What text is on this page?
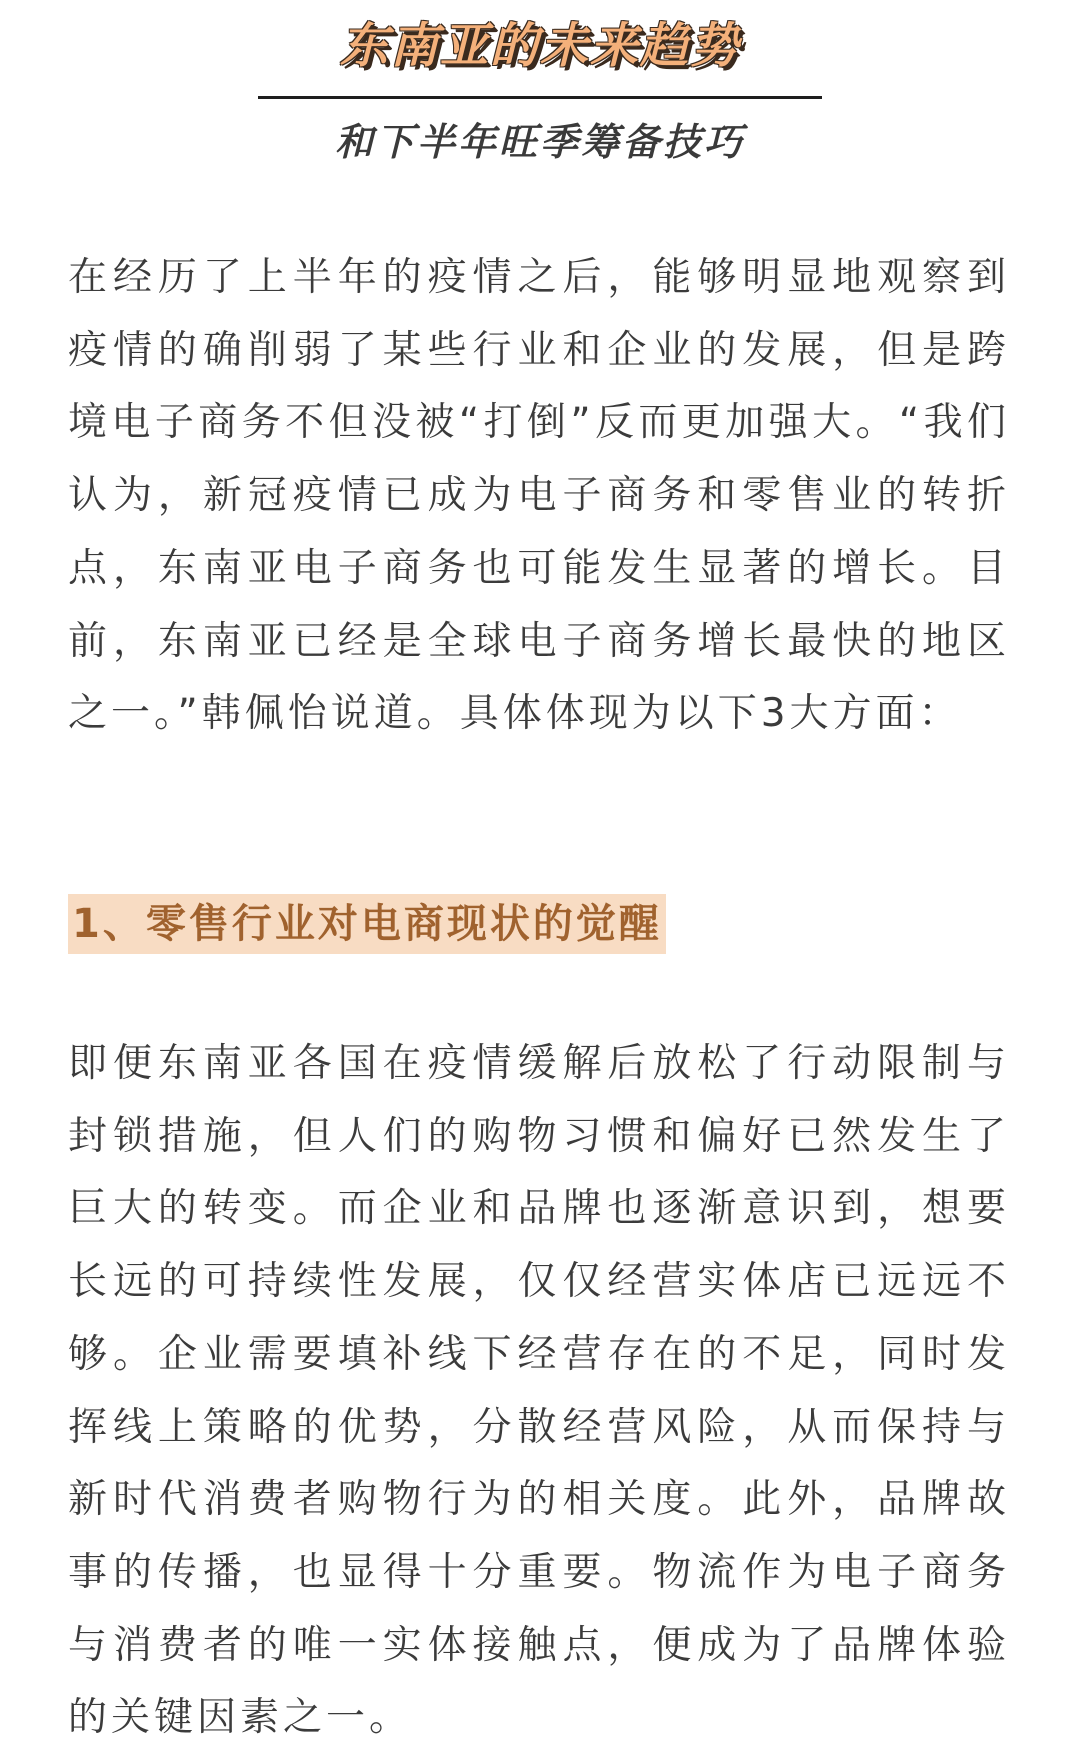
东南亚的未来趋势
和下半年旺季筹备技巧

在经历了上半年的疫情之后，能够明显地观察到疫情的确削弱了某些行业和企业的发展，但是跨境电子商务不但没被“打倒”反而更加强大。“我们认为，新冠疫情已成为电子商务和零售业的转折点，东南亚电子商务也可能发生显著的增长。目前，东南亚已经是全球电子商务增长最快的地区之一。”韩佩怡说道。具体体现为以下3大方面：

1、零售行业对电商现状的觉醒

即便东南亚各国在疫情缓解后放松了行动限制与封锁措施，但人们的购物习惯和偏好已然发生了巨大的转变。而企业和品牌也逐渐意识到，想要长远的可持续性发展，仅仅经营实体店已远远不够。企业需要填补线下经营存在的不足，同时发挥线上策略的优势，分散经营风险，从而保持与新时代消费者购物行为的相关度。此外，品牌故事的传播，也显得十分重要。物流作为电子商务与消费者的唯一实体接触点，便成为了品牌体验的关键因素之一。
